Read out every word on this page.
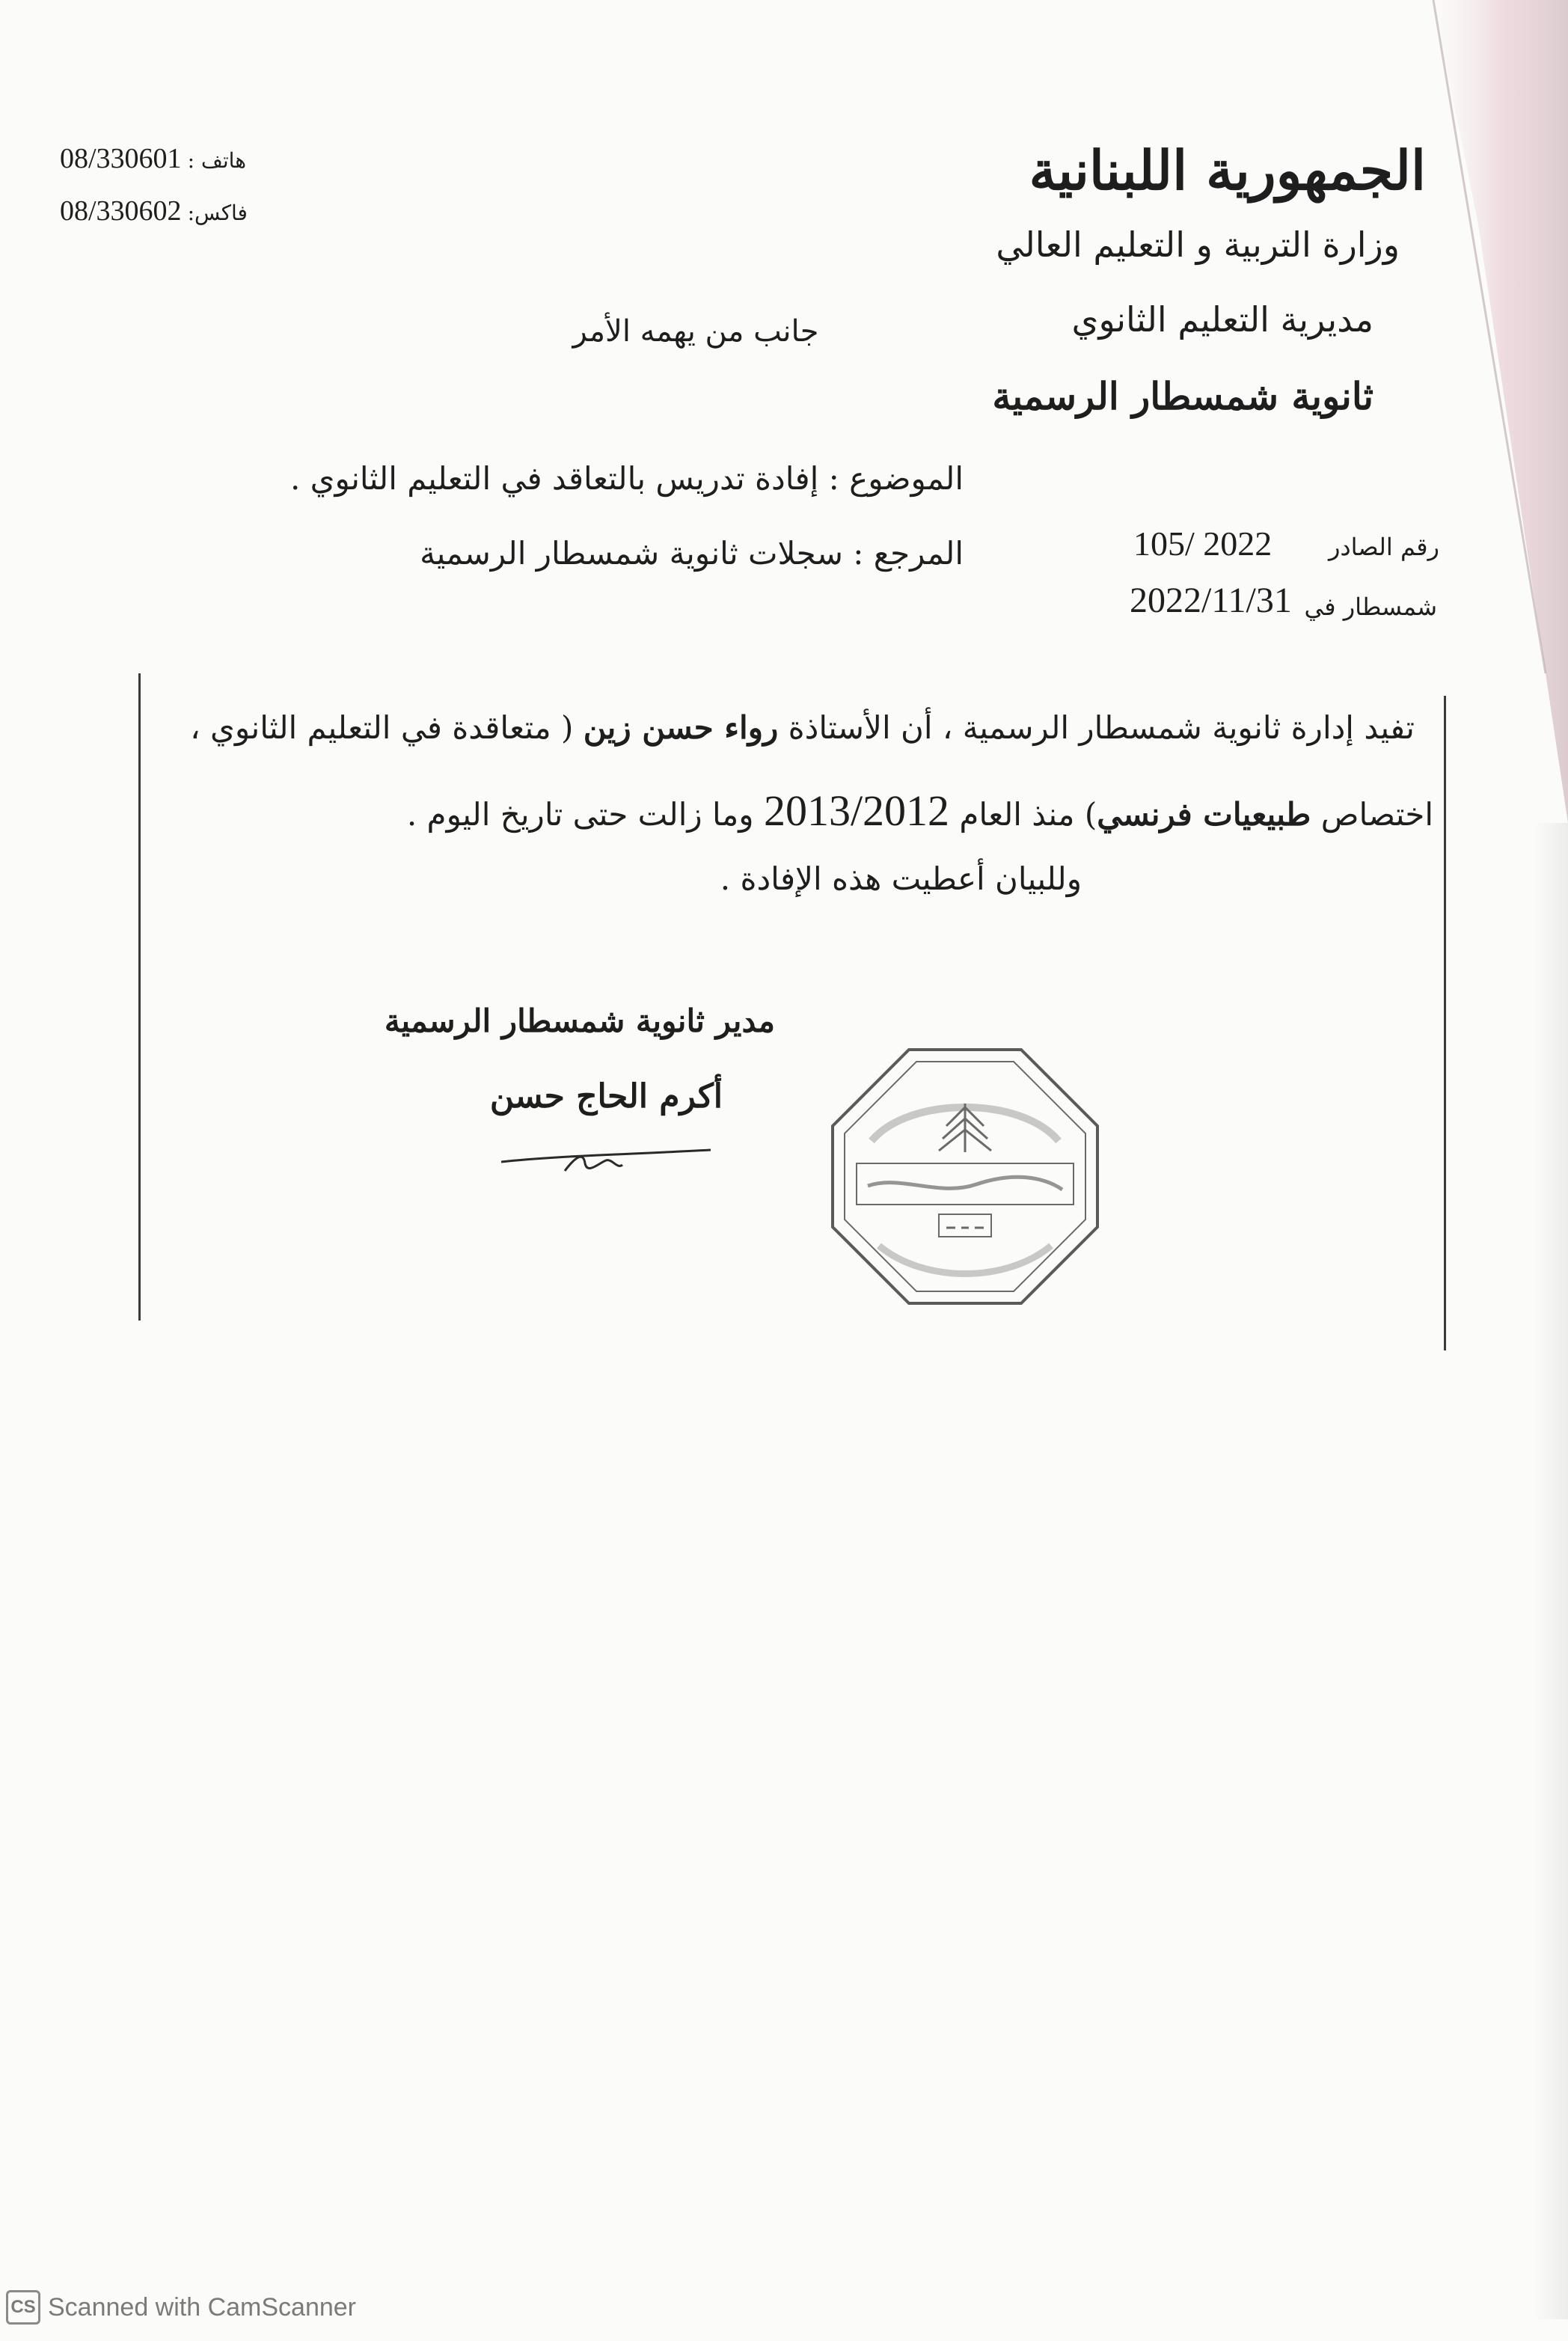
08/330601 هاتف :
08/330602 فاكس:
الجمهورية اللبنانية
وزارة التربية و التعليم العالي
مديرية التعليم الثانوي
ثانوية شمسطار الرسمية
جانب من يهمه الأمر
الموضوع : إفادة تدريس بالتعاقد في التعليم الثانوي .
المرجع : سجلات ثانوية شمسطار الرسمية	رقم الصادر
105/ 2022
شمسطار في
2022/11/31
تفيد إدارة ثانوية شمسطار الرسمية ، أن الأستاذة رواء حسن زين ( متعاقدة في التعليم الثانوي ،
اختصاص طبيعيات فرنسي) منذ العام 2013/2012 وما زالت حتى تاريخ اليوم .
وللبيان أعطيت هذه الإفادة .
مدير ثانوية شمسطار الرسمية
أكرم الحاج حسن
CS Scanned with CamScanner
